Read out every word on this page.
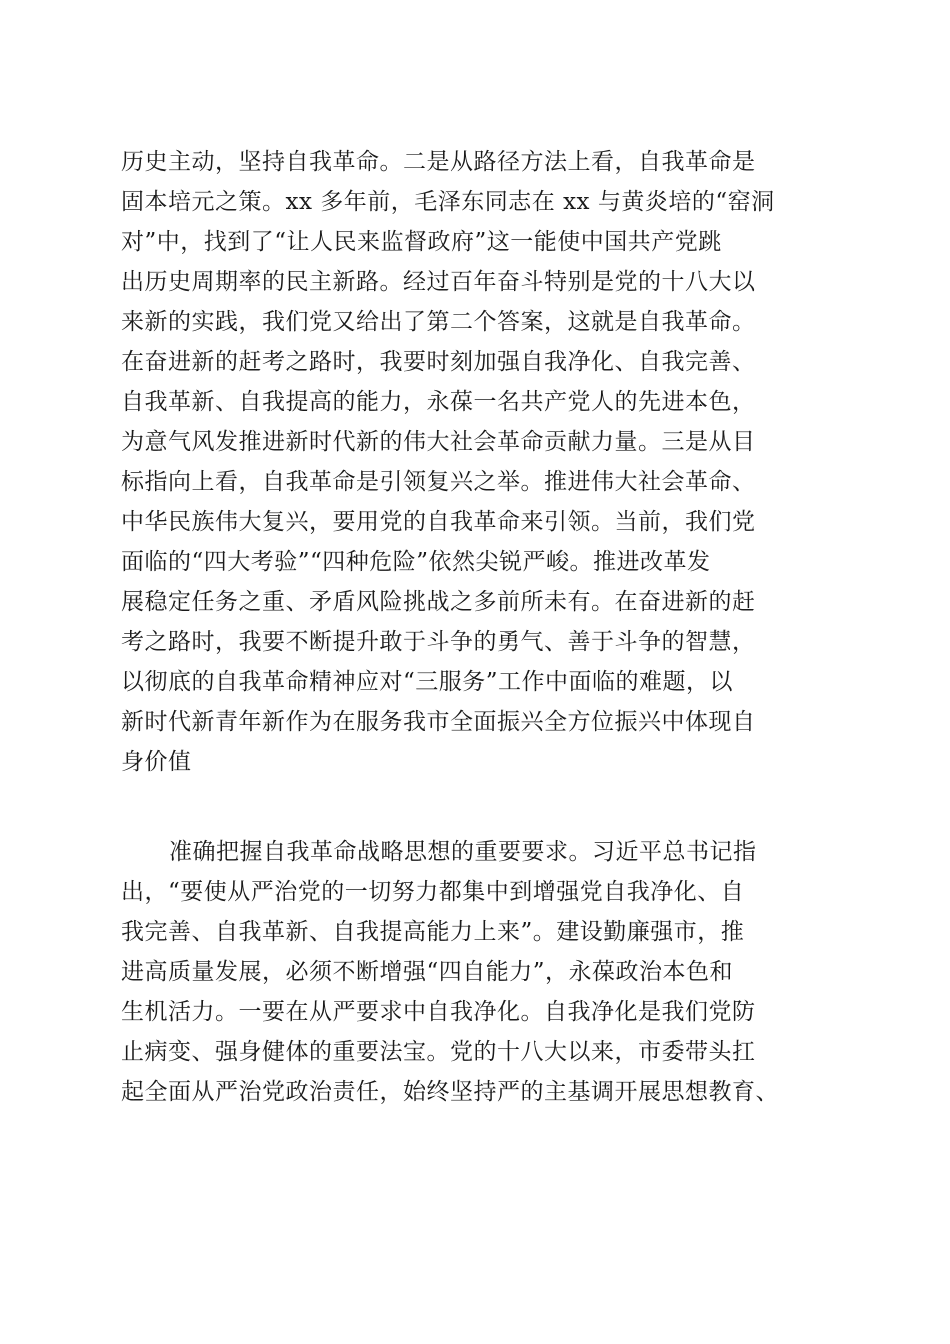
历史主动，坚持自我革命。二是从路径方法上看，自我革命是
固本培元之策。xx 多年前，毛泽东同志在 xx 与黄炎培的“窑洞
对”中，找到了“让人民来监督政府”这一能使中国共产党跳
出历史周期率的民主新路。经过百年奋斗特别是党的十八大以
来新的实践，我们党又给出了第二个答案，这就是自我革命。
在奋进新的赶考之路时，我要时刻加强自我净化、自我完善、
自我革新、自我提高的能力，永葆一名共产党人的先进本色，
为意气风发推进新时代新的伟大社会革命贡献力量。三是从目
标指向上看，自我革命是引领复兴之举。推进伟大社会革命、
中华民族伟大复兴，要用党的自我革命来引领。当前，我们党
面临的“四大考验”“四种危险”依然尖锐严峻。推进改革发
展稳定任务之重、矛盾风险挑战之多前所未有。在奋进新的赶
考之路时，我要不断提升敢于斗争的勇气、善于斗争的智慧，
以彻底的自我革命精神应对“三服务”工作中面临的难题，以
新时代新青年新作为在服务我市全面振兴全方位振兴中体现自
身价值
准确把握自我革命战略思想的重要要求。习近平总书记指
出，“要使从严治党的一切努力都集中到增强党自我净化、自
我完善、自我革新、自我提高能力上来”。建设勤廉强市，推
进高质量发展，必须不断增强“四自能力”，永葆政治本色和
生机活力。一要在从严要求中自我净化。自我净化是我们党防
止病变、强身健体的重要法宝。党的十八大以来，市委带头扛
起全面从严治党政治责任，始终坚持严的主基调开展思想教育、
